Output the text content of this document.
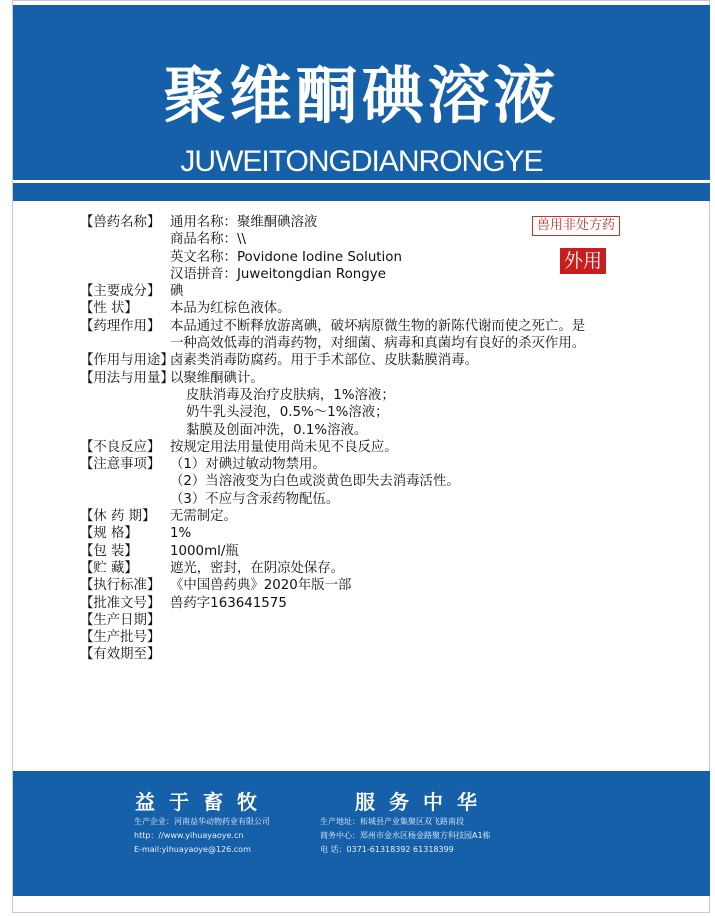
聚维酮碘溶液
JUWEITONGDIANRONGYE
兽用非处方药
外用
【兽药名称】 通用名称：聚维酮碘溶液
商品名称：\\
英文名称：Povidone Iodine Solution
汉语拼音：Juweitongdian Rongye
【主要成分】 碘
【性 状】	本品为红棕色液体。
【药理作用】 本品通过不断释放游离碘，破坏病原微生物的新陈代谢而使之死亡。是
一种高效低毒的消毒药物，对细菌、病毒和真菌均有良好的杀灭作用。
【作用与用途】
卤素类消毒防腐药。用于手术部位、皮肤黏膜消毒。
【用法与用量】
以聚维酮碘计。
皮肤消毒及治疗皮肤病，1%溶液；
奶牛乳头浸泡，0.5%～1%溶液；
黏膜及创面冲洗，0.1%溶液。
【不良反应】 按规定用法用量使用尚未见不良反应。
【注意事项】 （1）对碘过敏动物禁用。
（2）当溶液变为白色或淡黄色即失去消毒活性。
（3）不应与含汞药物配伍。
【休 药 期】	无需制定。
【规 格】	1%
【包 装】	1000ml/瓶
【贮 藏】	遮光，密封，在阴凉处保存。
【执行标准】 《中国兽药典》2020年版一部
【批准文号】 兽药字163641575
【生产日期】
【生产批号】
【有效期至】
益于畜牧	服务中华
生产企业：河南益华动物药业有限公司
http：//www.yihuayaoye.cn
E-mail:yihuayaoye@126.com
生产地址：柘城县产业集聚区双飞路南段
商务中心：郑州市金水区杨金路聚方科技园A1栋
电 话：0371-61318392 61318399
